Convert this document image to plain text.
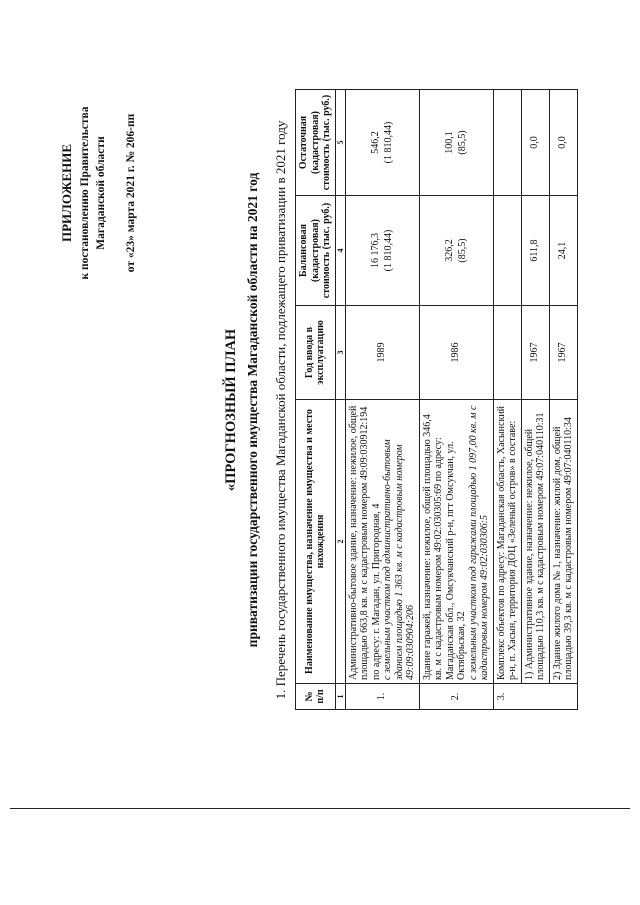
ПРИЛОЖЕНИЕ к постановлению Правительства Магаданской области от «23» марта 2021 г. № 206-пп
«ПРОГНОЗНЫЙ ПЛАН приватизации государственного имущества Магаданской области на 2021 год 1. Перечень государственного имущества Магаданской области, подлежащего приватизации в 2021 году № п/п	Наименование имущества, назначение имущества и место нахождения	Год ввода в эксплуатацию	Балансовая (кадастровая) стоимость (тыс. руб.)	Остаточная (кадастровая) стоимость (тыс. руб.)
1	2	3	4	5
1.	Административно-бытовое здание, назначение: нежилое, общей площадью 663,8 кв. м с кадастровым номером 49:09:030912:194 по адресу: г. Магадан, ул. Пригородная, 4 с земельным участком под административно-бытовым зданием площадью 1 363 кв. м с кадастровым номером 49:09:030904:206	1989	16 176,3 (1 810,44)	546,2 (1 810,44)

2.	Здание гаражей, назначение: нежилое, общей площадью 346,4 кв. м с кадастровым номером 49:02:030305:69 по адресу: Магаданская обл., Омсукчанский р-н, пгт Омсукчан, ул. Октябрьская, 32 с земельным участком под гаражами площадью 1 097,00 кв. м с кадастровым номером 49:02:030306:5	1986	326,2 (85,5)	100,1 (85,5)

3.	Комплекс объектов по адресу: Магаданская область, Хасынский р-н, п. Хасын, территория ДОЦ «Зеленый остров» в составе:			
	1) Административное здание, назначение: нежилое, общей площадью 110,3 кв. м с кадастровым номером 49:07:040110:31	1967	611,8	0,0
	2) Здание жилого дома № 1, назначение: жилой дом, общей площадью 39,3 кв. м с кадастровым номером 49:07:040110:34	1967	24,1	0,0
